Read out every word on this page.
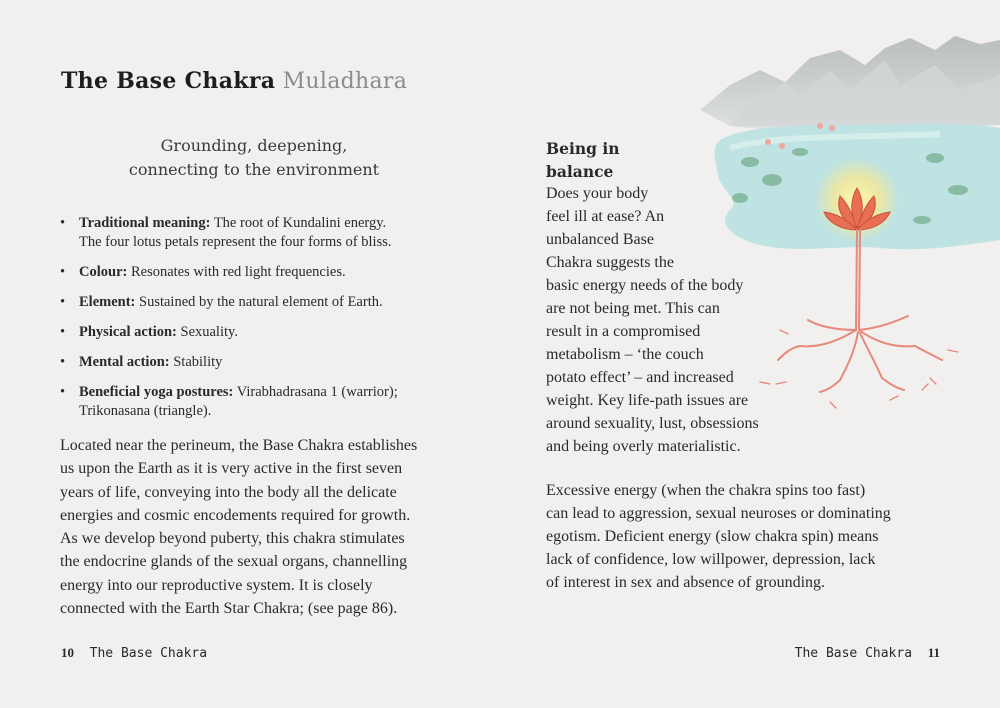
The Base Chakra Muladhara
Grounding, deepening,
connecting to the environment
• Traditional meaning: The root of Kundalini energy.
The four lotus petals represent the four forms of bliss.
• Colour: Resonates with red light frequencies.
• Element: Sustained by the natural element of Earth.
• Physical action: Sexuality.
• Mental action: Stability
• Beneficial yoga postures: Virabhadrasana 1 (warrior);
Trikonasana (triangle).
Located near the perineum, the Base Chakra establishes
us upon the Earth as it is very active in the first seven
years of life, conveying into the body all the delicate
energies and cosmic encodements required for growth.
As we develop beyond puberty, this chakra stimulates
the endocrine glands of the sexual organs, channelling
energy into our reproductive system. It is closely
connected with the Earth Star Chakra; (see page 86).
10 The Base Chakra
Being in
balance
Does your body
feel ill at ease? An
unbalanced Base
Chakra suggests the
basic energy needs of the body
are not being met. This can
result in a compromised
metabolism – ‘the couch
potato effect’ – and increased
weight. Key life-path issues are
around sexuality, lust, obsessions
and being overly materialistic.
Excessive energy (when the chakra spins too fast)
can lead to aggression, sexual neuroses or dominating
egotism. Deficient energy (slow chakra spin) means
lack of confidence, low willpower, depression, lack
of interest in sex and absence of grounding.
The Base Chakra 11
